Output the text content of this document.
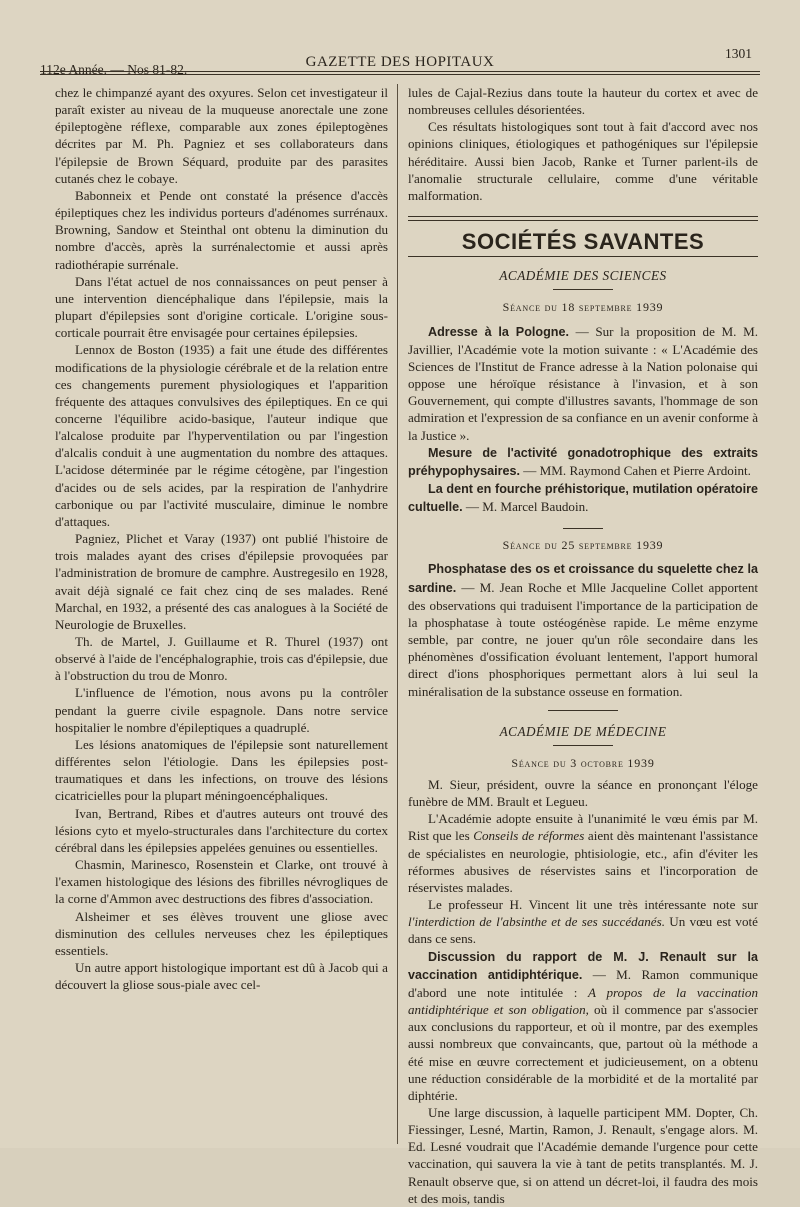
112e Année. — Nos 81-82.	GAZETTE DES HOPITAUX
1301

chez le chimpanzé ayant des oxyures. Selon cet investigateur il paraît exister au niveau de la muqueuse anorectale une zone épileptogène réflexe, comparable aux zones épileptogènes décrites par M. Ph. Pagniez et ses collaborateurs dans l'épilepsie de Brown Séquard, produite par des parasites cutanés chez le cobaye.

Babonneix et Pende ont constaté la présence d'accès épileptiques chez les individus porteurs d'adénomes surrénaux. Browning, Sandow et Steinthal ont obtenu la diminution du nombre d'accès, après la surrénalectomie et aussi après radiothérapie surrénale.

Dans l'état actuel de nos connaissances on peut penser à une intervention diencéphalique dans l'épilepsie, mais la plupart d'épilepsies sont d'origine corticale. L'origine sous-corticale pourrait être envisagée pour certaines épilepsies.

Lennox de Boston (1935) a fait une étude des différentes modifications de la physiologie cérébrale et de la relation entre ces changements purement physiologiques et l'apparition fréquente des attaques convulsives des épileptiques. En ce qui concerne l'équilibre acido-basique, l'auteur indique que l'alcalose produite par l'hyperventilation ou par l'ingestion d'alcalis conduit à une augmentation du nombre des attaques. L'acidose déterminée par le régime cétogène, par l'ingestion d'acides ou de sels acides, par la respiration de l'anhydrire carbonique ou par l'activité musculaire, diminue le nombre d'attaques.

Pagniez, Plichet et Varay (1937) ont publié l'histoire de trois malades ayant des crises d'épilepsie provoquées par l'administration de bromure de camphre. Austregesilo en 1928, avait déjà signalé ce fait chez cinq de ses malades. René Marchal, en 1932, a présenté des cas analogues à la Société de Neurologie de Bruxelles.

Th. de Martel, J. Guillaume et R. Thurel (1937) ont observé à l'aide de l'encéphalographie, trois cas d'épilepsie, due à l'obstruction du trou de Monro.

L'influence de l'émotion, nous avons pu la contrôler pendant la guerre civile espagnole. Dans notre service hospitalier le nombre d'épileptiques a quadruplé.

Les lésions anatomiques de l'épilepsie sont naturellement différentes selon l'étiologie. Dans les épilepsies post-traumatiques et dans les infections, on trouve des lésions cicatricielles pour la plupart méningoencéphaliques.

Ivan, Bertrand, Ribes et d'autres auteurs ont trouvé des lésions cyto et myelo-structurales dans l'architecture du cortex cérébral dans les épilepsies appelées genuines ou essentielles.

Chasmin, Marinesco, Rosenstein et Clarke, ont trouvé à l'examen histologique des lésions des fibrilles névrogliques de la corne d'Ammon avec destructions des fibres d'association.

Alsheimer et ses élèves trouvent une gliose avec disminution des cellules nerveuses chez les épileptiques essentiels.

Un autre apport histologique important est dû à Jacob qui a découvert la gliose sous-piale avec cel-

lules de Cajal-Rezius dans toute la hauteur du cortex et avec de nombreuses cellules désorientées.

Ces résultats histologiques sont tout à fait d'accord avec nos opinions cliniques, étiologiques et pathogéniques sur l'épilepsie héréditaire. Aussi bien Jacob, Ranke et Turner parlent-ils de l'anomalie structurale cellulaire, comme d'une véritable malformation.

SOCIÉTÉS SAVANTES

ACADÉMIE DES SCIENCES

Séance du 18 septembre 1939

Adresse à la Pologne. — Sur la proposition de M. M. Javillier, l'Académie vote la motion suivante : « L'Académie des Sciences de l'Institut de France adresse à la Nation polonaise qui oppose une héroïque résistance à l'invasion, et à son Gouvernement, qui compte d'illustres savants, l'hommage de son admiration et l'expression de sa confiance en un avenir conforme à la Justice ».

Mesure de l'activité gonadotrophique des extraits préhypophysaires. — MM. Raymond Cahen et Pierre Ardoint.

La dent en fourche préhistorique, mutilation opératoire cultuelle. — M. Marcel Baudoin.

Séance du 25 septembre 1939

Phosphatase des os et croissance du squelette chez la sardine. — M. Jean Roche et Mlle Jacqueline Collet apportent des observations qui traduisent l'importance de la participation de la phosphatase à toute ostéogénèse rapide. Le même enzyme semble, par contre, ne jouer qu'un rôle secondaire dans les phénomènes d'ossification évoluant lentement, l'apport humoral direct d'ions phosphoriques permettant alors à lui seul la minéralisation de la substance osseuse en formation.

ACADÉMIE DE MÉDECINE

Séance du 3 octobre 1939

M. Sieur, président, ouvre la séance en prononçant l'éloge funèbre de MM. Brault et Legueu.

L'Académie adopte ensuite à l'unanimité le vœu émis par M. Rist que les Conseils de réformes aient dès maintenant l'assistance de spécialistes en neurologie, phtisiologie, etc., afin d'éviter les réformes abusives de réservistes sains et l'incorporation de réservistes malades.

Le professeur H. Vincent lit une très intéressante note sur l'interdiction de l'absinthe et de ses succédanés. Un vœu est voté dans ce sens.

Discussion du rapport de M. J. Renault sur la vaccination antidiphtérique. — M. Ramon communique d'abord une note intitulée : A propos de la vaccination antidiphtérique et son obligation, où il commence par s'associer aux conclusions du rapporteur, et où il montre, par des exemples aussi nombreux que convaincants, que, partout où la méthode a été mise en œuvre correctement et judicieusement, on a obtenu une réduction considérable de la morbidité et de la mortalité par diphtérie.

Une large discussion, à laquelle participent MM. Dopter, Ch. Fiessinger, Lesné, Martin, Ramon, J. Renault, s'engage alors. M. Ed. Lesné voudrait que l'Académie demande l'urgence pour cette vaccination, qui sauvera la vie à tant de petits transplantés. M. J. Renault observe que, si on attend un décret-loi, il faudra des mois et des mois, tandis
